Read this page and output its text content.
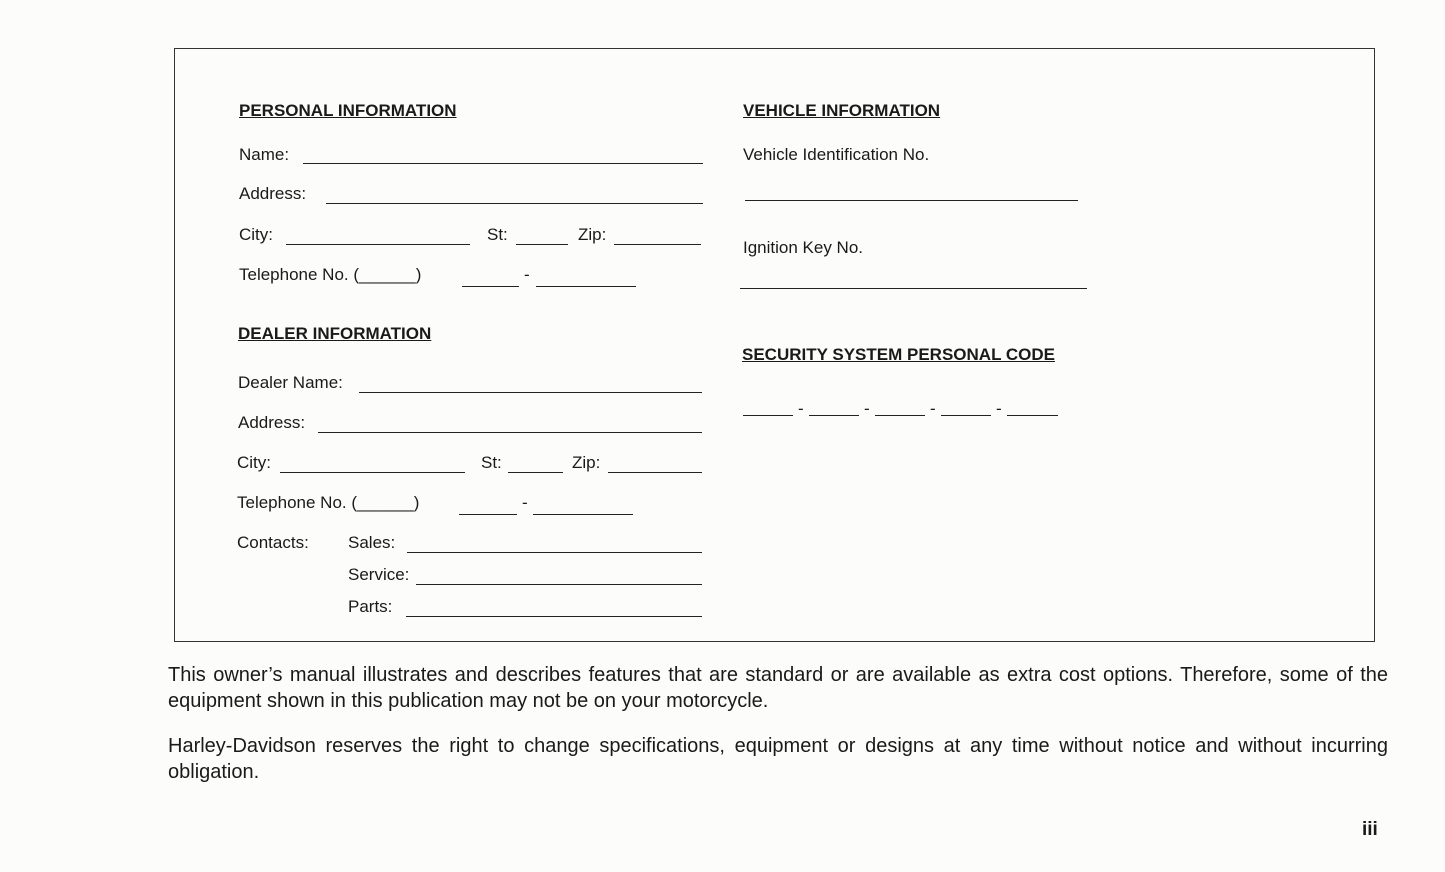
PERSONAL INFORMATION
Name:
Address:
City:	St:	Zip:
Telephone No. (______)	-
DEALER INFORMATION
Dealer Name:
Address:
City:	St:	Zip:
Telephone No. (______)	-
Contacts: Sales:
Service:
Parts:
VEHICLE INFORMATION
Vehicle Identification No.
Ignition Key No.
SECURITY SYSTEM PERSONAL CODE
-	-	-	-
This owner’s manual illustrates and describes features that are standard or are available as extra cost options. Therefore, some of the equipment shown in this publication may not be on your motorcycle.
Harley-Davidson reserves the right to change specifications, equipment or designs at any time without notice and without incurring obligation.
iii
